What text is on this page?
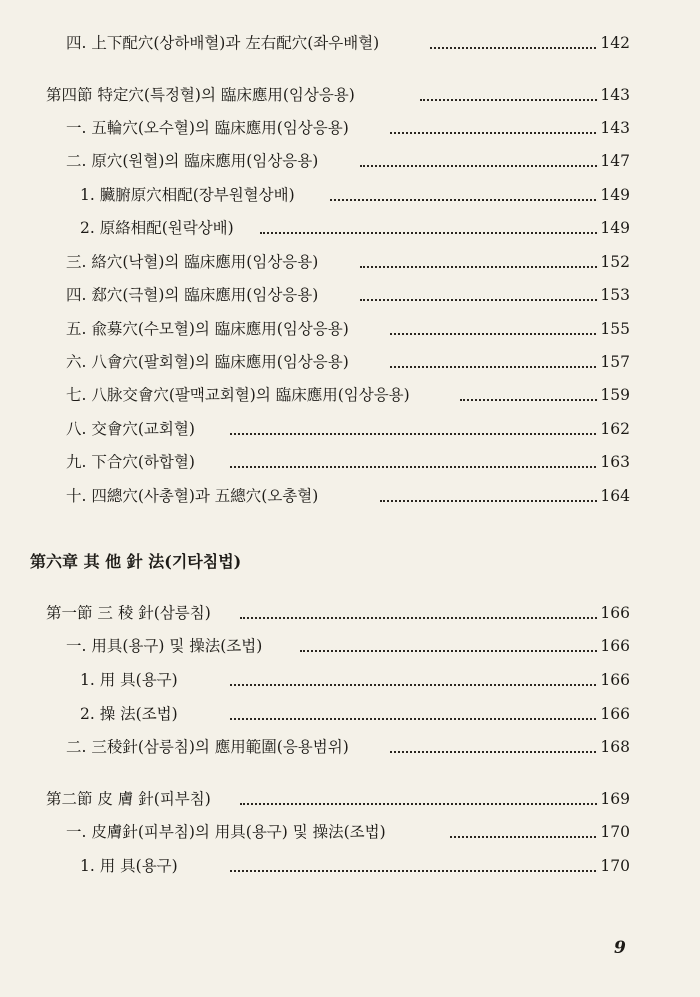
四. 上下配穴(상하배혈)과 左右配穴(좌우배혈)	142
第四節 特定穴(특정혈)의 臨床應用(임상응용)	143
一. 五輪穴(오수혈)의 臨床應用(임상응용)	143
二. 原穴(원혈)의 臨床應用(임상응용)	147
1. 臟腑原穴相配(장부원혈상배)	149
2. 原絡相配(원락상배)	149
三. 絡穴(낙혈)의 臨床應用(임상응용)	152
四. 郄穴(극혈)의 臨床應用(임상응용)	153
五. 兪募穴(수모혈)의 臨床應用(임상응용)	155
六. 八會穴(팔회혈)의 臨床應用(임상응용)	157
七. 八脉交會穴(팔맥교회혈)의 臨床應用(임상응용)	159
八. 交會穴(교회혈)	162
九. 下合穴(하합혈)	163
十. 四總穴(사총혈)과 五總穴(오총혈)	164
第六章 其 他 針 法(기타침법)
第一節 三 稜 針(삼릉침)	166
一. 用具(용구) 및 操法(조법)	166
1. 用 具(용구)	166
2. 操 法(조법)	166
二. 三稜針(삼릉침)의 應用範圍(응용범위)	168
第二節 皮 膚 針(피부침)	169
一. 皮膚針(피부침)의 用具(용구) 및 操法(조법)	170
1. 用 具(용구)	170
9
